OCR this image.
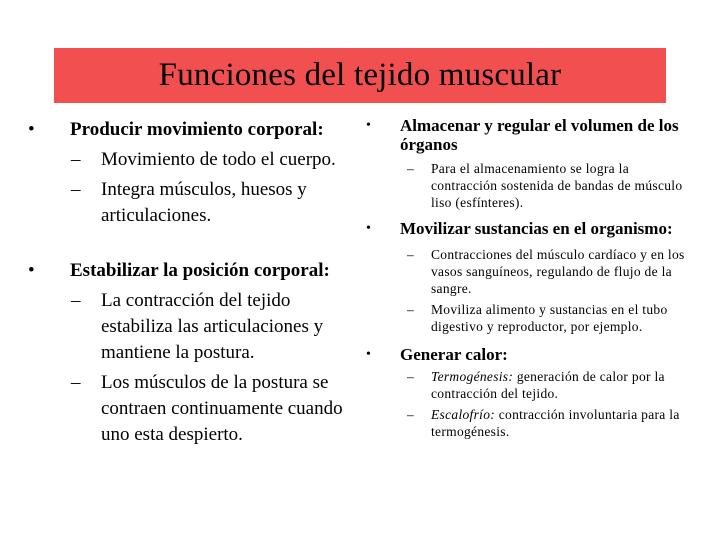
Funciones del tejido muscular
•	Producir movimiento corporal:
– Movimiento de todo el cuerpo.
– Integra músculos, huesos y articulaciones.
•	Estabilizar la posición corporal:
– La contracción del tejido estabiliza las articulaciones y mantiene la postura.
– Los músculos de la postura se contraen continuamente cuando uno esta despierto.
• Almacenar y regular el volumen de los órganos
– Para el almacenamiento se logra la contracción sostenida de bandas de músculo liso (esfínteres).
• Movilizar sustancias en el organismo:
– Contracciones del músculo cardíaco y en los vasos sanguíneos, regulando de flujo de la sangre.
– Moviliza alimento y sustancias en el tubo digestivo y reproductor, por ejemplo.
• Generar calor:
– Termogénesis: generación de calor por la contracción del tejido.
– Escalofrío: contracción involuntaria para la termogénesis.
